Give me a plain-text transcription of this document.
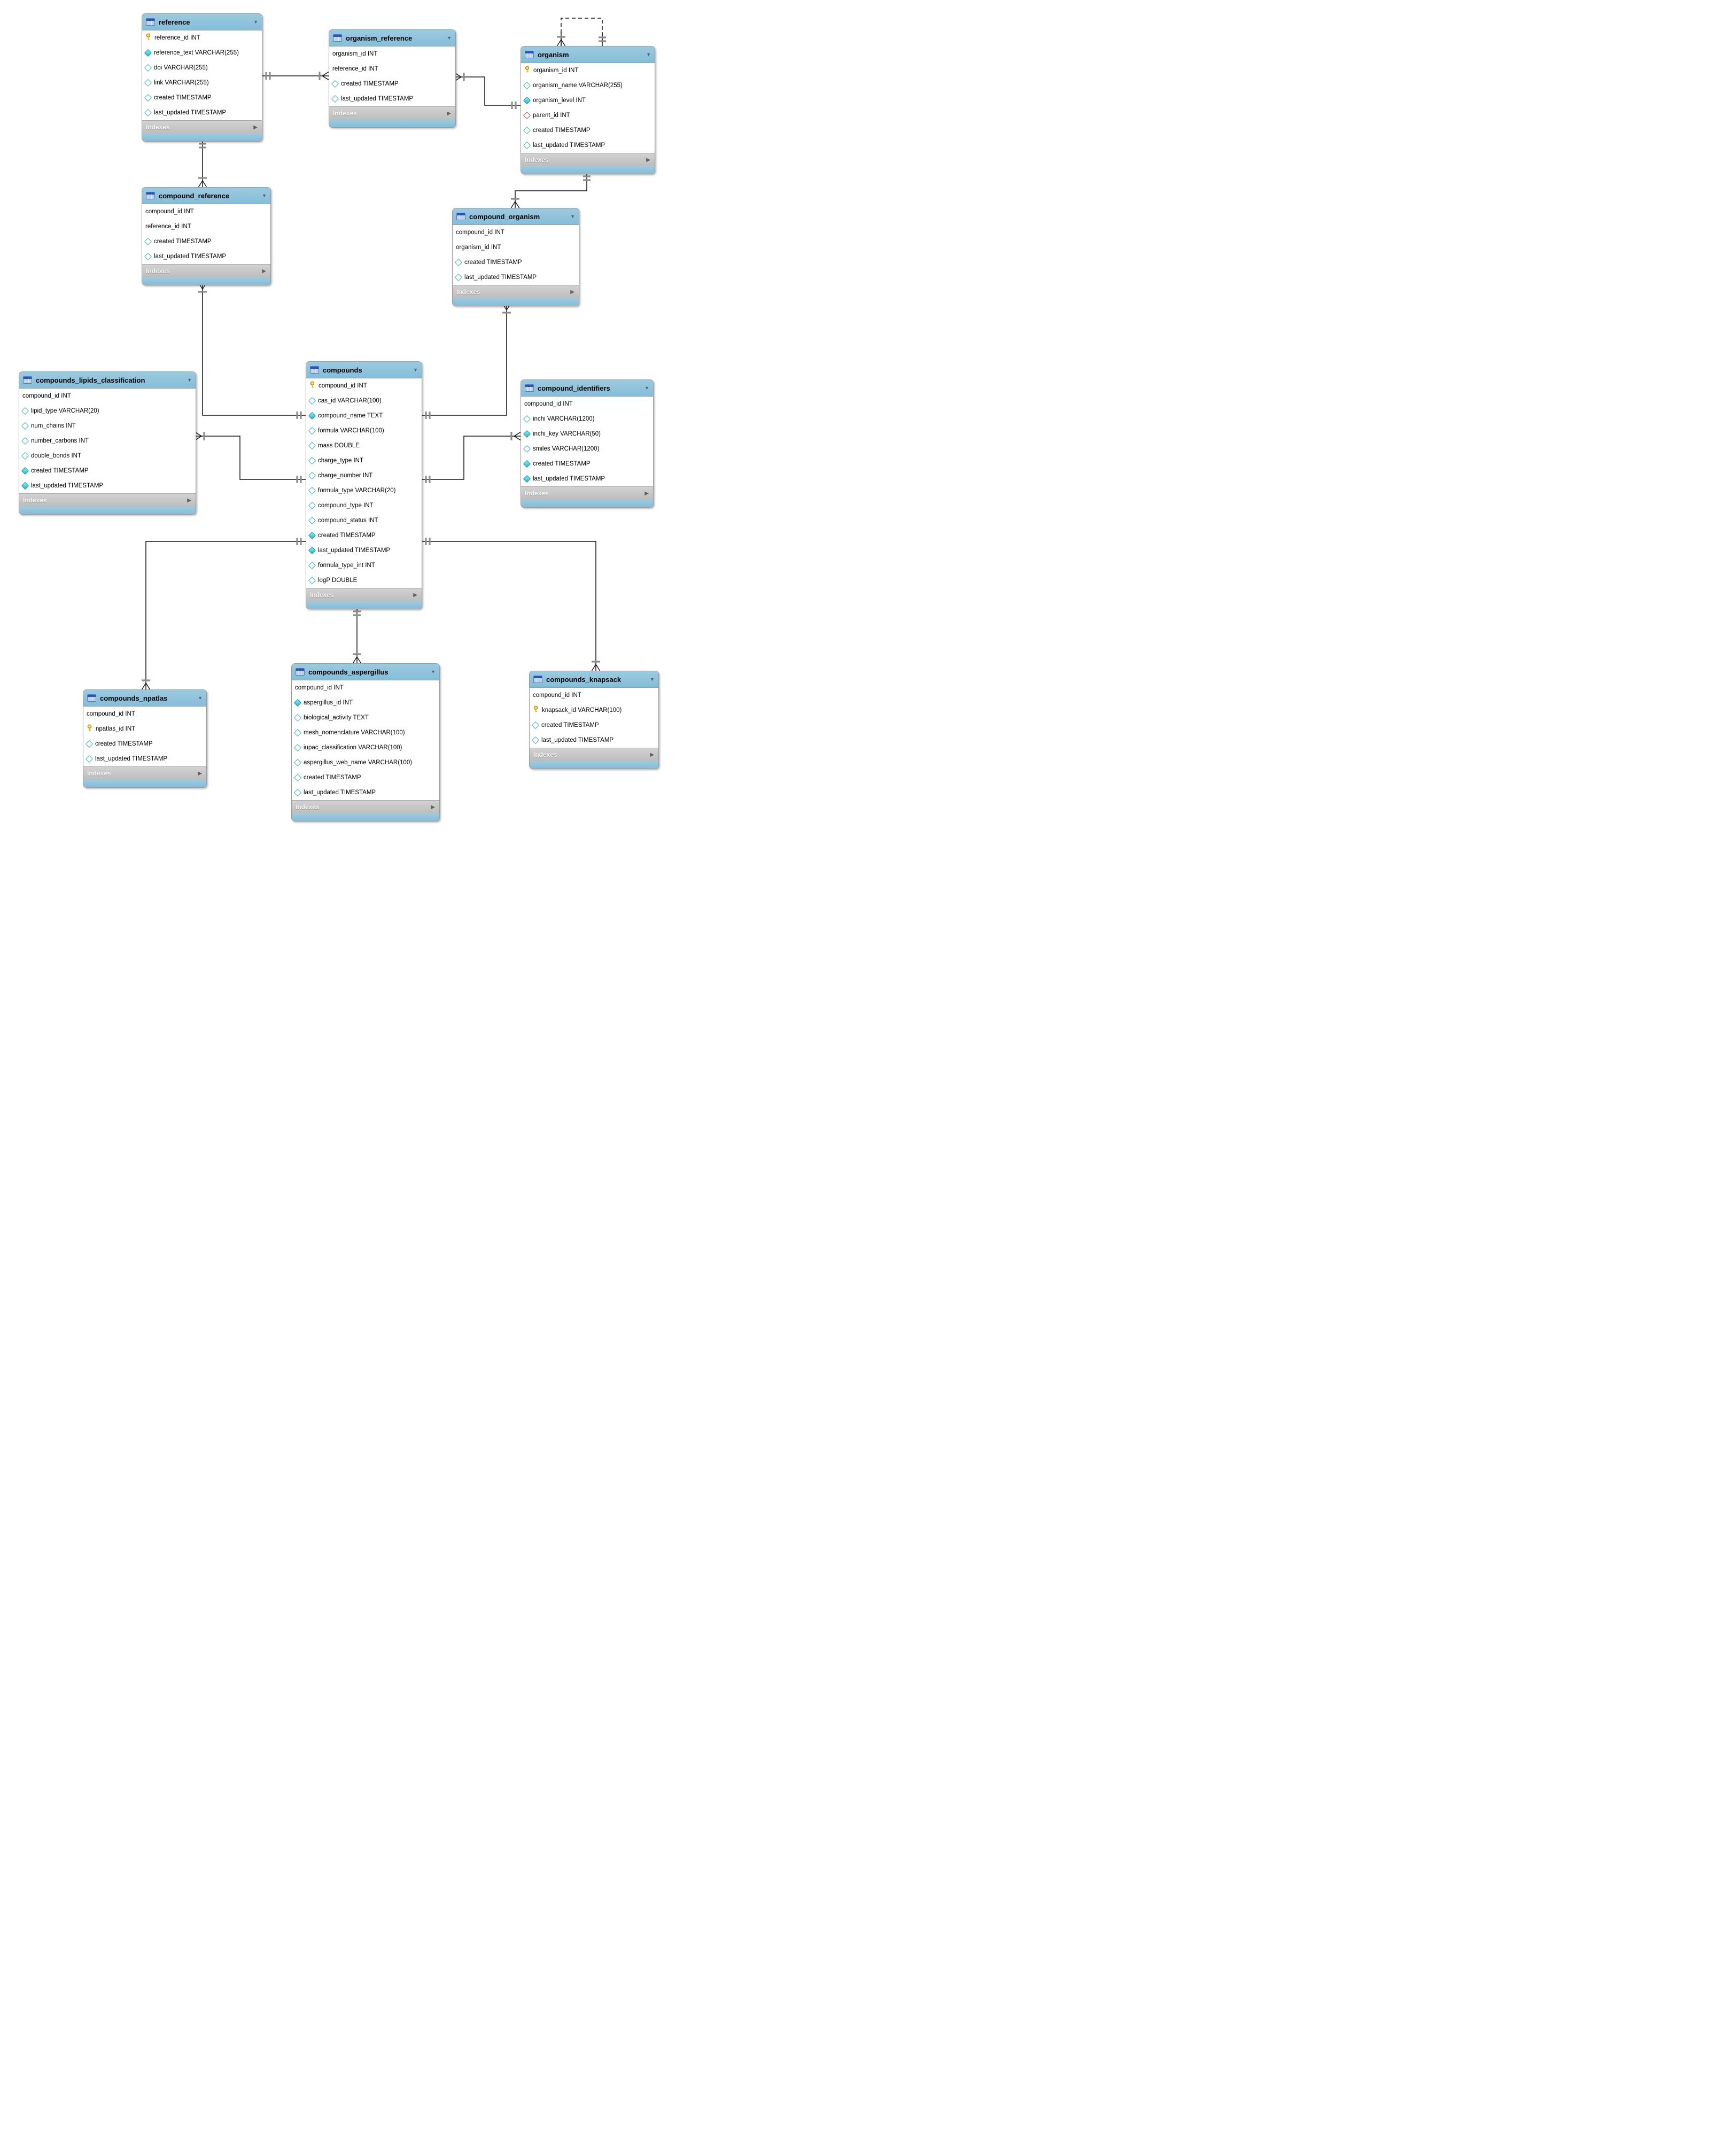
reference	▼
reference_id INT
reference_text VARCHAR(255)
doi VARCHAR(255)
link VARCHAR(255)
created TIMESTAMP
last_updated TIMESTAMP
Indexes	▶
organism_reference	▼
organism_id INT
reference_id INT
created TIMESTAMP
last_updated TIMESTAMP
Indexes	▶
organism	▼
organism_id INT
organism_name VARCHAR(255)
organism_level INT
parent_id INT
created TIMESTAMP
last_updated TIMESTAMP
Indexes	▶
compound_reference	▼
compound_id INT
reference_id INT
created TIMESTAMP
last_updated TIMESTAMP
Indexes	▶
compound_organism	▼
compound_id INT
organism_id INT
created TIMESTAMP
last_updated TIMESTAMP
Indexes	▶
compounds_lipids_classification	▼
compound_id INT
lipid_type VARCHAR(20)
num_chains INT
number_carbons INT
double_bonds INT
created TIMESTAMP
last_updated TIMESTAMP
Indexes	▶
compounds	▼
compound_id INT
cas_id VARCHAR(100)
compound_name TEXT
formula VARCHAR(100)
mass DOUBLE
charge_type INT
charge_number INT
formula_type VARCHAR(20)
compound_type INT
compound_status INT
created TIMESTAMP
last_updated TIMESTAMP
formula_type_int INT
logP DOUBLE
Indexes	▶
compound_identifiers	▼
compound_id INT
inchi VARCHAR(1200)
inchi_key VARCHAR(50)
smiles VARCHAR(1200)
created TIMESTAMP
last_updated TIMESTAMP
Indexes	▶
compounds_npatlas	▼
compound_id INT
npatlas_id INT
created TIMESTAMP
last_updated TIMESTAMP
Indexes	▶
compounds_aspergillus	▼
compound_id INT
aspergillus_id INT
biological_activity TEXT
mesh_nomenclature VARCHAR(100)
iupac_classification VARCHAR(100)
aspergillus_web_name VARCHAR(100)
created TIMESTAMP
last_updated TIMESTAMP
Indexes	▶
compounds_knapsack	▼
compound_id INT
knapsack_id VARCHAR(100)
created TIMESTAMP
last_updated TIMESTAMP
Indexes	▶
